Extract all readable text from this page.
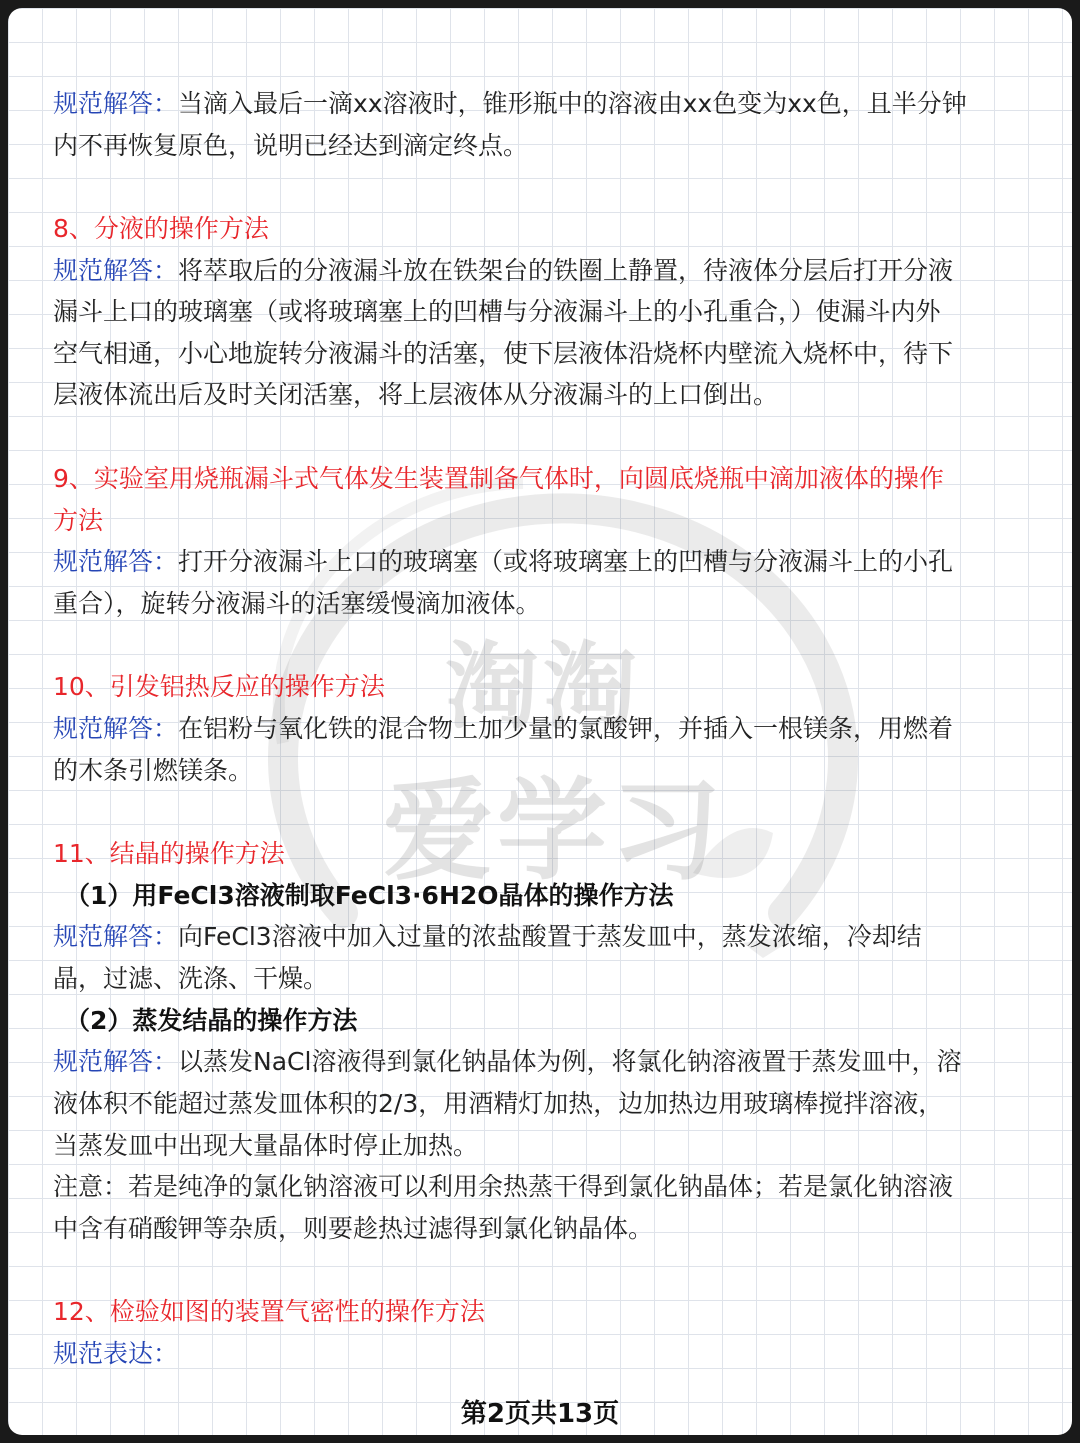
淘淘
爱学习
规范解答：当滴入最后一滴xx溶液时，锥形瓶中的溶液由xx色变为xx色，且半分钟
内不再恢复原色，说明已经达到滴定终点。
8、分液的操作方法
规范解答：将萃取后的分液漏斗放在铁架台的铁圈上静置，待液体分层后打开分液
漏斗上口的玻璃塞（或将玻璃塞上的凹槽与分液漏斗上的小孔重合，）使漏斗内外
空气相通，小心地旋转分液漏斗的活塞，使下层液体沿烧杯内壁流入烧杯中，待下
层液体流出后及时关闭活塞，将上层液体从分液漏斗的上口倒出。
9、实验室用烧瓶漏斗式气体发生装置制备气体时，向圆底烧瓶中滴加液体的操作
方法
规范解答：打开分液漏斗上口的玻璃塞（或将玻璃塞上的凹槽与分液漏斗上的小孔
重合），旋转分液漏斗的活塞缓慢滴加液体。
10、引发铝热反应的操作方法
规范解答：在铝粉与氧化铁的混合物上加少量的氯酸钾，并插入一根镁条，用燃着
的木条引燃镁条。
11、结晶的操作方法
（1）用FeCl3溶液制取FeCl3·6H2O晶体的操作方法
规范解答：向FeCl3溶液中加入过量的浓盐酸置于蒸发皿中，蒸发浓缩，冷却结
晶，过滤、洗涤、干燥。
（2）蒸发结晶的操作方法
规范解答：以蒸发NaCl溶液得到氯化钠晶体为例，将氯化钠溶液置于蒸发皿中，溶
液体积不能超过蒸发皿体积的2/3，用酒精灯加热，边加热边用玻璃棒搅拌溶液，
当蒸发皿中出现大量晶体时停止加热。
注意：若是纯净的氯化钠溶液可以利用余热蒸干得到氯化钠晶体；若是氯化钠溶液
中含有硝酸钾等杂质，则要趁热过滤得到氯化钠晶体。
12、检验如图的装置气密性的操作方法
规范表达：
第2页共13页
